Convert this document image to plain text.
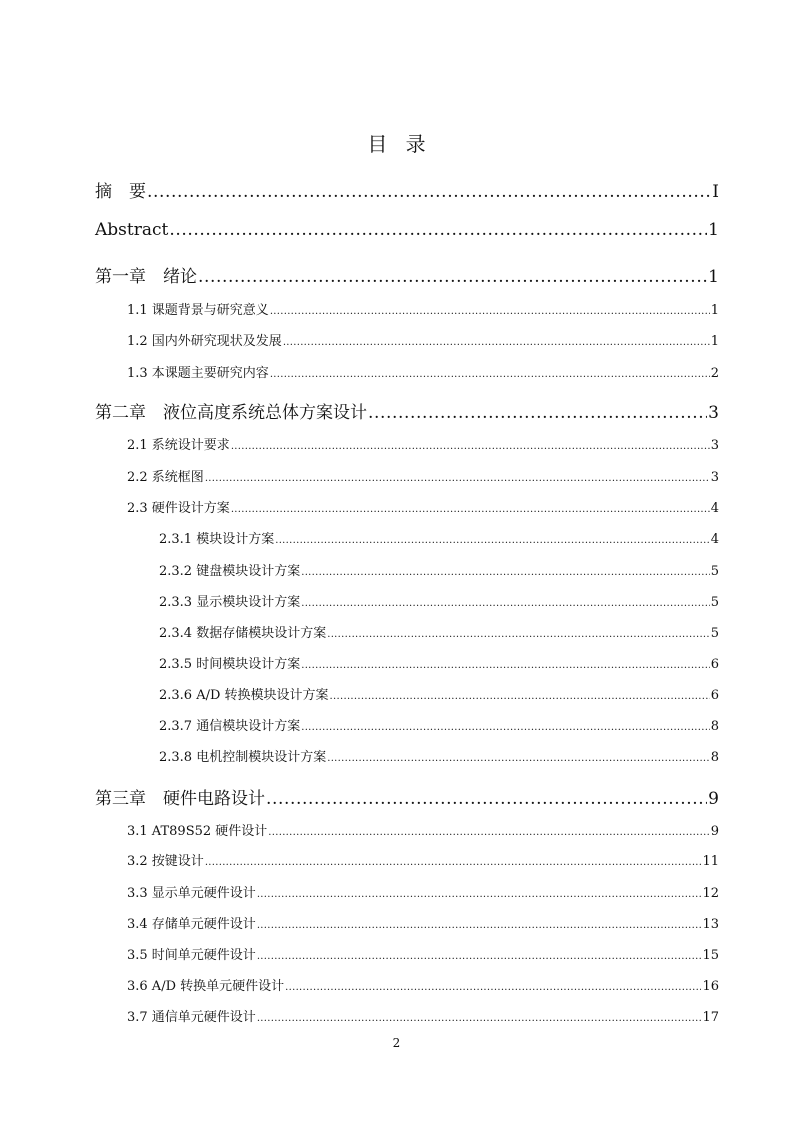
目 录
摘　要 .....	I
Abstract .....	1
第一章　绪论 .....	1
1.1 课题背景与研究意义 .....	1
1.2 国内外研究现状及发展 .....	1
1.3 本课题主要研究内容 .....	2
第二章　液位高度系统总体方案设计 .....	3
2.1 系统设计要求 .....	3
2.2 系统框图 .....	3
2.3 硬件设计方案 .....	4
2.3.1 模块设计方案 .....	4
2.3.2 键盘模块设计方案 .....	5
2.3.3 显示模块设计方案 .....	5
2.3.4 数据存储模块设计方案 .....	5
2.3.5 时间模块设计方案 .....	6
2.3.6 A/D 转换模块设计方案 .....	6
2.3.7 通信模块设计方案 .....	8
2.3.8 电机控制模块设计方案 .....	8
第三章　硬件电路设计 .....	9
3.1 AT89S52 硬件设计 .....	9
3.2 按键设计 .....	11
3.3 显示单元硬件设计 .....	12
3.4 存储单元硬件设计 .....	13
3.5 时间单元硬件设计 .....	15
3.6 A/D 转换单元硬件设计 .....	16
3.7 通信单元硬件设计 .....	17
2
